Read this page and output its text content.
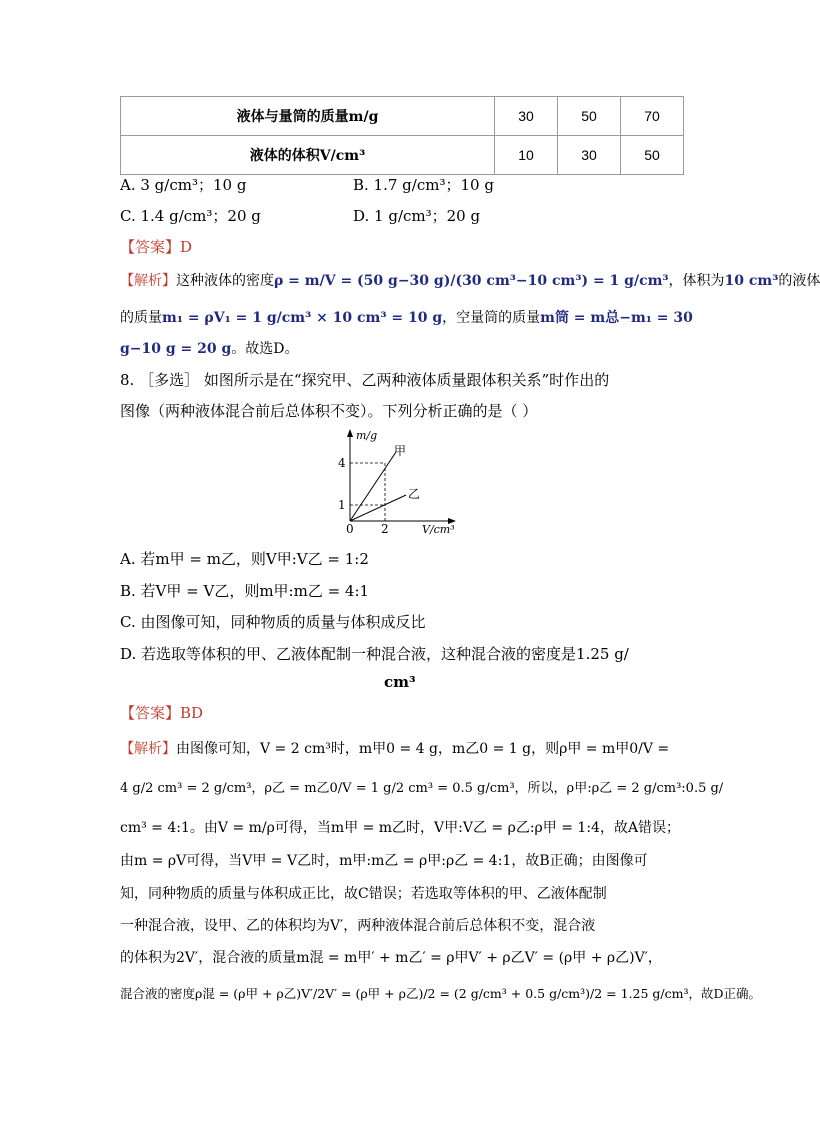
液体与量筒的质量m/g	30	50	70
液体的体积V/cm³	10	30	50
A. 3 g/cm³；10 g	B. 1.7 g/cm³；10 g
C. 1.4 g/cm³；20 g	D. 1 g/cm³；20 g
【答案】D
【解析】这种液体的密度ρ = m/V = (50 g−30 g)/(30 cm³−10 cm³) = 1 g/cm³，体积为10 cm³的液体
的质量m₁ = ρV₁ = 1 g/cm³ × 10 cm³ = 10 g，空量筒的质量m筒 = m总−m₁ = 30
g−10 g = 20 g。故选D。
8. ［多选］ 如图所示是在“探究甲、乙两种液体质量跟体积关系”时作出的
图像（两种液体混合前后总体积不变）。下列分析正确的是（ ）
m/g
V/cm³
4
1
2
0
甲
乙
A. 若m甲 = m乙，则V甲:V乙 = 1:2
B. 若V甲 = V乙，则m甲:m乙 = 4:1
C. 由图像可知，同种物质的质量与体积成反比
D. 若选取等体积的甲、乙液体配制一种混合液，这种混合液的密度是1.25 g/
cm³
【答案】BD
【解析】由图像可知，V = 2 cm³时，m甲0 = 4 g，m乙0 = 1 g，则ρ甲 = m甲0/V =
4 g/2 cm³ = 2 g/cm³，ρ乙 = m乙0/V = 1 g/2 cm³ = 0.5 g/cm³，所以，ρ甲:ρ乙 = 2 g/cm³:0.5 g/
cm³ = 4:1。由V = m/ρ可得，当m甲 = m乙时，V甲:V乙 = ρ乙:ρ甲 = 1:4，故A错误；
由m = ρV可得，当V甲 = V乙时，m甲:m乙 = ρ甲:ρ乙 = 4:1，故B正确；由图像可
知，同种物质的质量与体积成正比，故C错误；若选取等体积的甲、乙液体配制
一种混合液，设甲、乙的体积均为V′，两种液体混合前后总体积不变，混合液
的体积为2V′，混合液的质量m混 = m甲′ + m乙′ = ρ甲V′ + ρ乙V′ = (ρ甲 + ρ乙)V′，
混合液的密度ρ混 = (ρ甲 + ρ乙)V′/2V′ = (ρ甲 + ρ乙)/2 = (2 g/cm³ + 0.5 g/cm³)/2 = 1.25 g/cm³，故D正确。
